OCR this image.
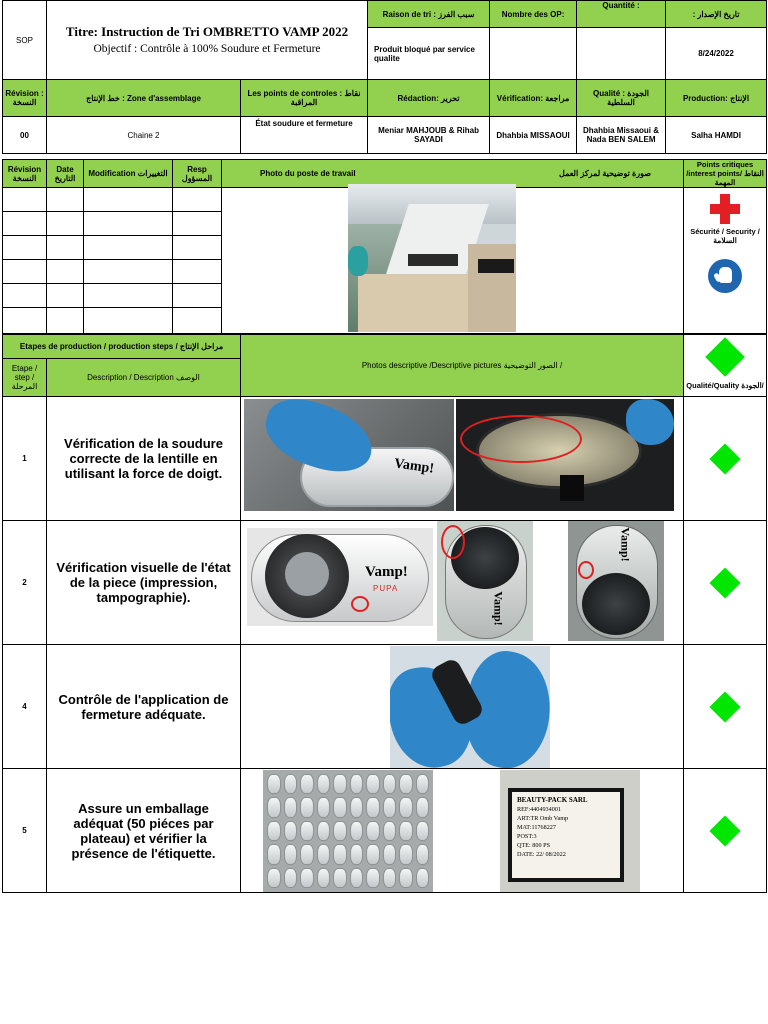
SOP	Titre: Instruction de Tri OMBRETTO VAMP 2022
Objectif : Contrôle à 100% Soudure et Fermeture		Raison de tri : سبب الفرز	Nombre des OP:	Quantité :	تاريخ الإصدار :
			Produit bloqué par service qualite			8/24/2022
Révision : النسخة	خط الإنتاج : Zone d'assemblage	Les points de controles : نقاط المراقبة	Rédaction: تحرير	Vérification: مراجعة	Qualité : الجودة السلطية	Production: الإنتاج
00	Chaine 2	État soudure et fermeture	Meniar MAHJOUB & Rihab SAYADI	Dhahbia MISSAOUI	Dhahbia Missaoui & Nada BEN SALEM	Salha HAMDI
Révision النسخة	Date التاريخ	Modification التغييرات	Resp المسؤول	Photo du poste de travail صورة توضيحية لمركز العمل	Points critiques /interest points/ النقاط المهمة

					Sécurité / Security / السلامة

Etapes de production / production steps / مراحل الإنتاج		Photos descriptive /Descriptive pictures الصور التوضيحية /	Qualité/Quality الجودة/

Etape / step / المرحلة	Description / Description الوصف		
1	Vérification de la soudure correcte de la lentille en utilisant la force de doigt.		

2	Vérification visuelle de l'état de la piece (impression, tampographie).		

4	Contrôle de l'application de fermeture adéquate.		

5	Assure un emballage adéquat (50 piéces par plateau) et vérifier la présence de l'étiquette.		
Vamp!
Vamp!
PUPA
Vamp!
Vamp!
BEAUTY-PACK SARL
REF:4404934001
ART:TR Omb Vamp
MAT:11768227
POST:3
QTE: 800 PS
DATE: 22/ 08/2022
